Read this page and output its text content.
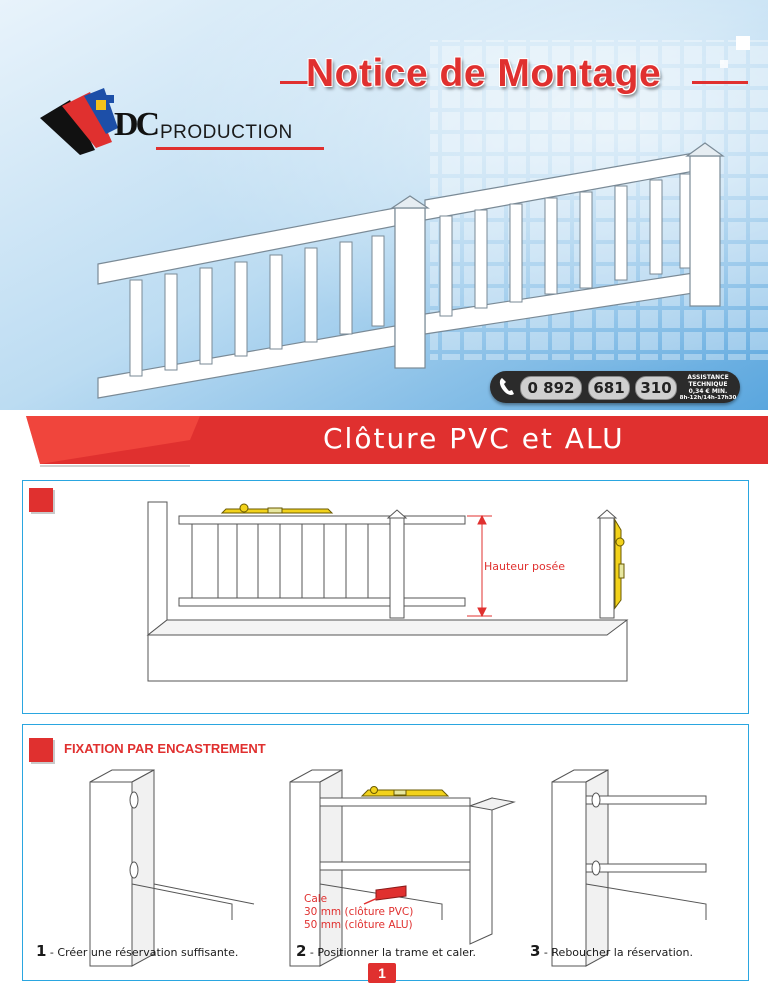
Notice de Montage
DC PRODUCTION
0 892	681	310
ASSISTANCE
TECHNIQUE
0,34 € MIN.
8h-12h/14h-17h30
Clôture PVC et ALU
Hauteur posée
FIXATION PAR ENCASTREMENT
Cale
30 mm (clôture PVC)
50 mm (clôture ALU)
1 - Créer une réservation suffisante.	2 - Positionner la trame et caler.	3 - Reboucher la réservation.
1
